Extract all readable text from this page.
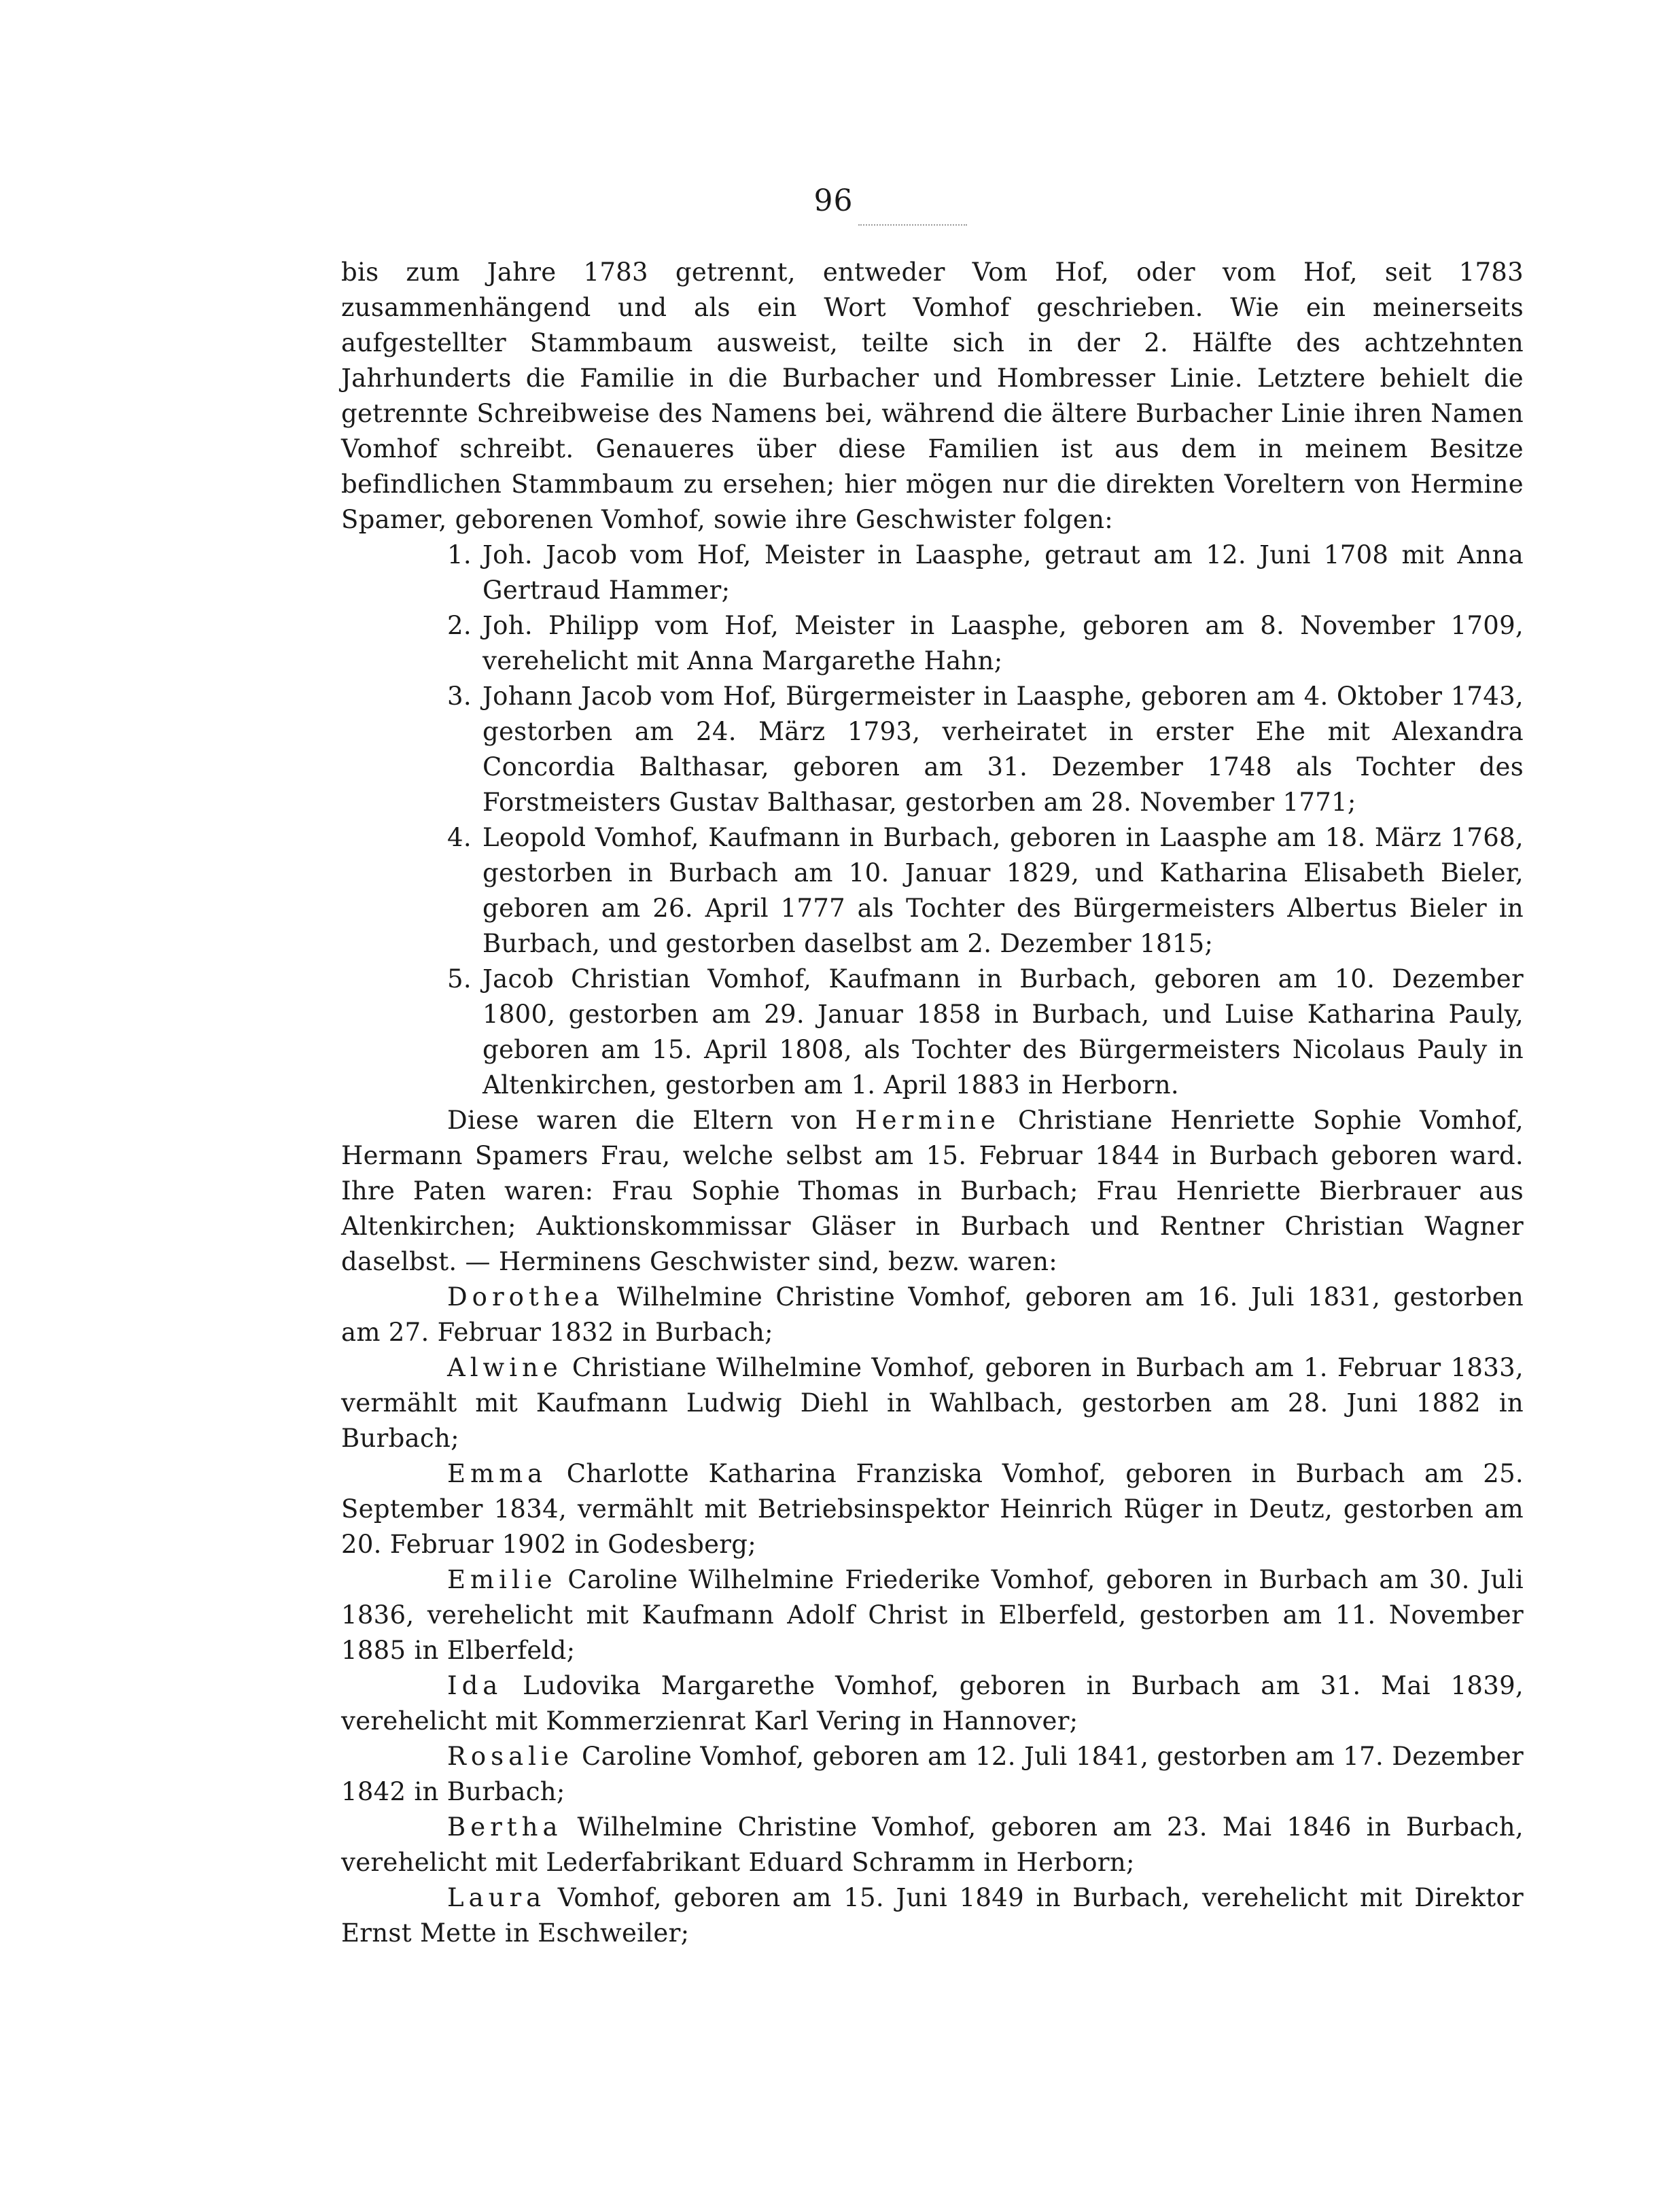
96

bis zum Jahre 1783 getrennt, entweder Vom Hof, oder vom Hof, seit 1783 zusammenhängend und als ein Wort Vomhof geschrieben. Wie ein meinerseits aufgestellter Stammbaum ausweist, teilte sich in der 2. Hälfte des achtzehnten Jahrhunderts die Familie in die Burbacher und Hombresser Linie. Letztere behielt die getrennte Schreibweise des Namens bei, während die ältere Burbacher Linie ihren Namen Vomhof schreibt. Genaueres über diese Familien ist aus dem in meinem Besitze befindlichen Stammbaum zu ersehen; hier mögen nur die direkten Voreltern von Hermine Spamer, geborenen Vomhof, sowie ihre Geschwister folgen:

1. Joh. Jacob vom Hof, Meister in Laasphe, getraut am 12. Juni 1708 mit Anna Gertraud Hammer;
2. Joh. Philipp vom Hof, Meister in Laasphe, geboren am 8. November 1709, verehelicht mit Anna Margarethe Hahn;
3. Johann Jacob vom Hof, Bürgermeister in Laasphe, geboren am 4. Oktober 1743, gestorben am 24. März 1793, verheiratet in erster Ehe mit Alexandra Concordia Balthasar, geboren am 31. Dezember 1748 als Tochter des Forstmeisters Gustav Balthasar, gestorben am 28. November 1771;
4. Leopold Vomhof, Kaufmann in Burbach, geboren in Laasphe am 18. März 1768, gestorben in Burbach am 10. Januar 1829, und Katharina Elisabeth Bieler, geboren am 26. April 1777 als Tochter des Bürgermeisters Albertus Bieler in Burbach, und gestorben daselbst am 2. Dezember 1815;
5. Jacob Christian Vomhof, Kaufmann in Burbach, geboren am 10. Dezember 1800, gestorben am 29. Januar 1858 in Burbach, und Luise Katharina Pauly, geboren am 15. April 1808, als Tochter des Bürgermeisters Nicolaus Pauly in Altenkirchen, gestorben am 1. April 1883 in Herborn.

Diese waren die Eltern von Hermine Christiane Henriette Sophie Vomhof, Hermann Spamers Frau, welche selbst am 15. Februar 1844 in Burbach geboren ward. Ihre Paten waren: Frau Sophie Thomas in Burbach; Frau Henriette Bierbrauer aus Altenkirchen; Auktionskommissar Gläser in Burbach und Rentner Christian Wagner daselbst. — Herminens Geschwister sind, bezw. waren:

Dorothea Wilhelmine Christine Vomhof, geboren am 16. Juli 1831, gestorben am 27. Februar 1832 in Burbach;

Alwine Christiane Wilhelmine Vomhof, geboren in Burbach am 1. Februar 1833, vermählt mit Kaufmann Ludwig Diehl in Wahlbach, gestorben am 28. Juni 1882 in Burbach;

Emma Charlotte Katharina Franziska Vomhof, geboren in Burbach am 25. September 1834, vermählt mit Betriebsinspektor Heinrich Rüger in Deutz, gestorben am 20. Februar 1902 in Godesberg;

Emilie Caroline Wilhelmine Friederike Vomhof, geboren in Burbach am 30. Juli 1836, verehelicht mit Kaufmann Adolf Christ in Elberfeld, gestorben am 11. November 1885 in Elberfeld;

Ida Ludovika Margarethe Vomhof, geboren in Burbach am 31. Mai 1839, verehelicht mit Kommerzienrat Karl Vering in Hannover;

Rosalie Caroline Vomhof, geboren am 12. Juli 1841, gestorben am 17. Dezember 1842 in Burbach;

Bertha Wilhelmine Christine Vomhof, geboren am 23. Mai 1846 in Burbach, verehelicht mit Lederfabrikant Eduard Schramm in Herborn;

Laura Vomhof, geboren am 15. Juni 1849 in Burbach, verehelicht mit Direktor Ernst Mette in Eschweiler;
